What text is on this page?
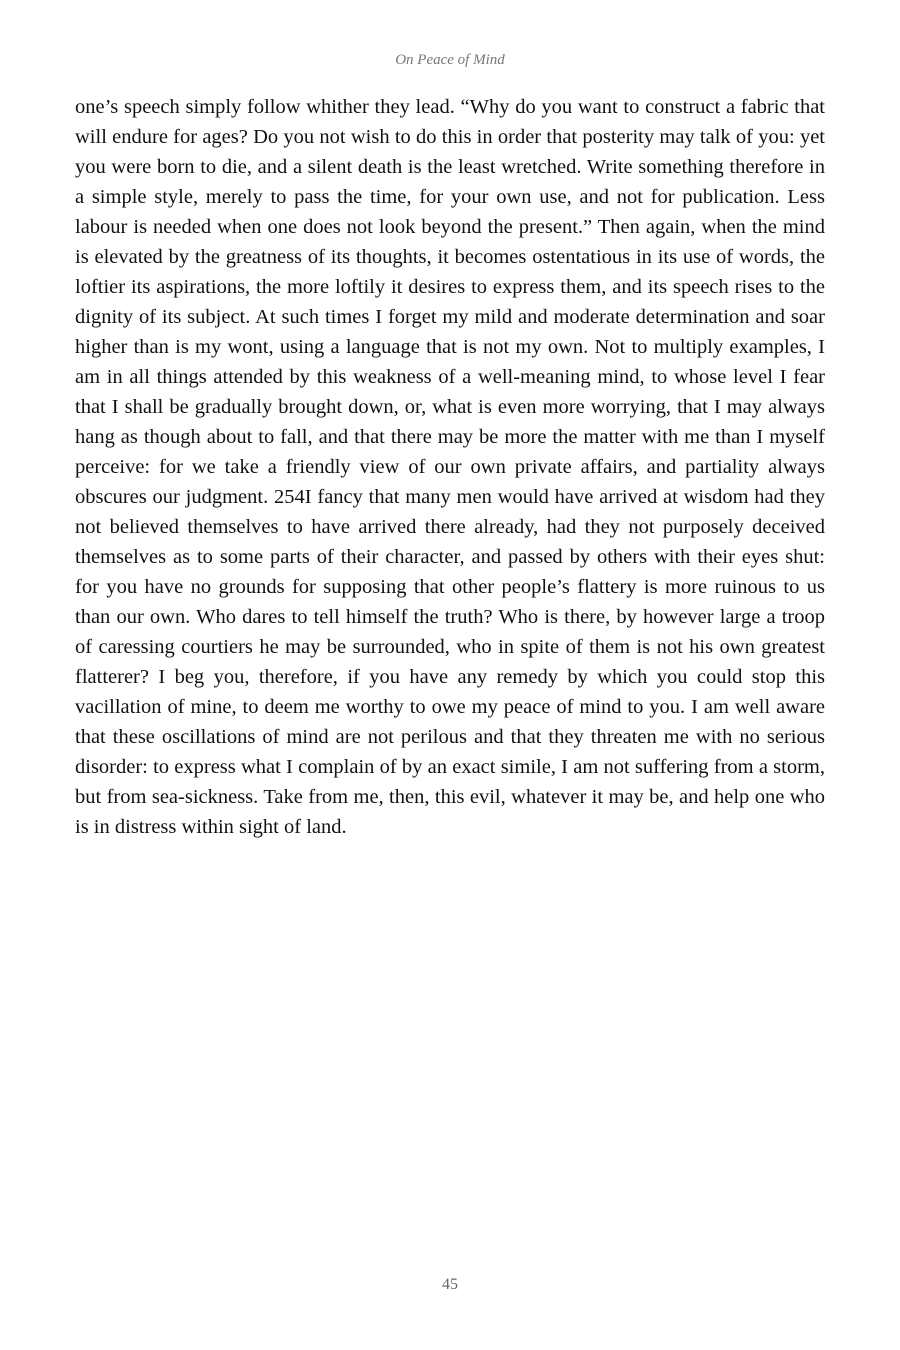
On Peace of Mind

one’s speech simply follow whither they lead. “Why do you want to construct a fabric that will endure for ages? Do you not wish to do this in order that posterity may talk of you: yet you were born to die, and a silent death is the least wretched. Write something therefore in a simple style, merely to pass the time, for your own use, and not for publication. Less labour is needed when one does not look beyond the present.” Then again, when the mind is elevated by the greatness of its thoughts, it becomes ostentatious in its use of words, the loftier its aspirations, the more loftily it desires to express them, and its speech rises to the dignity of its subject. At such times I forget my mild and moderate determination and soar higher than is my wont, using a language that is not my own. Not to multiply examples, I am in all things attended by this weakness of a well-meaning mind, to whose level I fear that I shall be gradually brought down, or, what is even more worrying, that I may always hang as though about to fall, and that there may be more the matter with me than I myself perceive: for we take a friendly view of our own private affairs, and partiality always obscures our judgment. 254I fancy that many men would have arrived at wisdom had they not believed themselves to have arrived there already, had they not purposely deceived themselves as to some parts of their character, and passed by others with their eyes shut: for you have no grounds for supposing that other people’s flattery is more ruinous to us than our own. Who dares to tell himself the truth? Who is there, by however large a troop of caressing courtiers he may be surrounded, who in spite of them is not his own greatest flatterer? I beg you, therefore, if you have any remedy by which you could stop this vacillation of mine, to deem me worthy to owe my peace of mind to you. I am well aware that these oscillations of mind are not perilous and that they threaten me with no serious disorder: to express what I complain of by an exact simile, I am not suffering from a storm, but from sea-sickness. Take from me, then, this evil, whatever it may be, and help one who is in distress within sight of land.

45
